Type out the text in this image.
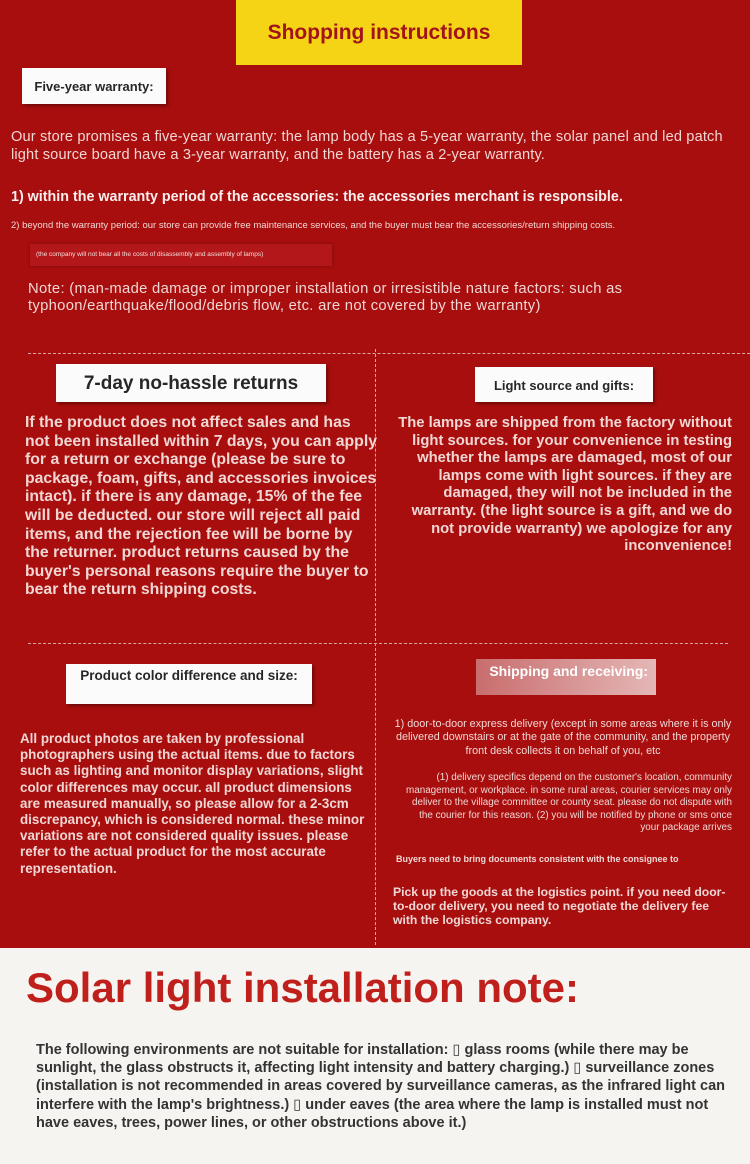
Shopping instructions
Five-year warranty:

Our store promises a five-year warranty: the lamp body has a 5-year warranty, the solar panel and led patch light source board have a 3-year warranty, and the battery has a 2-year warranty.

1) within the warranty period of the accessories: the accessories merchant is responsible.

2) beyond the warranty period: our store can provide free maintenance services, and the buyer must bear the accessories/return shipping costs.

(the company will not bear all the costs of disassembly and assembly of lamps)

Note: (man-made damage or improper installation or irresistible nature factors: such as typhoon/earthquake/flood/debris flow, etc. are not covered by the warranty)

7-day no-hassle returns

If the product does not affect sales and has not been installed within 7 days, you can apply for a return or exchange (please be sure to package, foam, gifts, and accessories invoices intact). if there is any damage, 15% of the fee will be deducted. our store will reject all paid items, and the rejection fee will be borne by the returner. product returns caused by the buyer's personal reasons require the buyer to bear the return shipping costs.

Light source and gifts:

The lamps are shipped from the factory without light sources. for your convenience in testing whether the lamps are damaged, most of our lamps come with light sources. if they are damaged, they will not be included in the warranty. (the light source is a gift, and we do not provide warranty) we apologize for any inconvenience!

Product color difference and size:

All product photos are taken by professional photographers using the actual items. due to factors such as lighting and monitor display variations, slight color differences may occur. all product dimensions are measured manually, so please allow for a 2-3cm discrepancy, which is considered normal. these minor variations are not considered quality issues. please refer to the actual product for the most accurate representation.

Shipping and receiving:

1) door-to-door express delivery (except in some areas where it is only delivered downstairs or at the gate of the community, and the property front desk collects it on behalf of you, etc

(1) delivery specifics depend on the customer's location, community management, or workplace. in some rural areas, courier services may only deliver to the village committee or county seat. please do not dispute with the courier for this reason. (2) you will be notified by phone or sms once your package arrives

Buyers need to bring documents consistent with the consignee to

Pick up the goods at the logistics point. if you need door-to-door delivery, you need to negotiate the delivery fee with the logistics company.

Solar light installation note:

The following environments are not suitable for installation: ▯ glass rooms (while there may be sunlight, the glass obstructs it, affecting light intensity and battery charging.) ▯ surveillance zones (installation is not recommended in areas covered by surveillance cameras, as the infrared light can interfere with the lamp's brightness.) ▯ under eaves (the area where the lamp is installed must not have eaves, trees, power lines, or other obstructions above it.)
